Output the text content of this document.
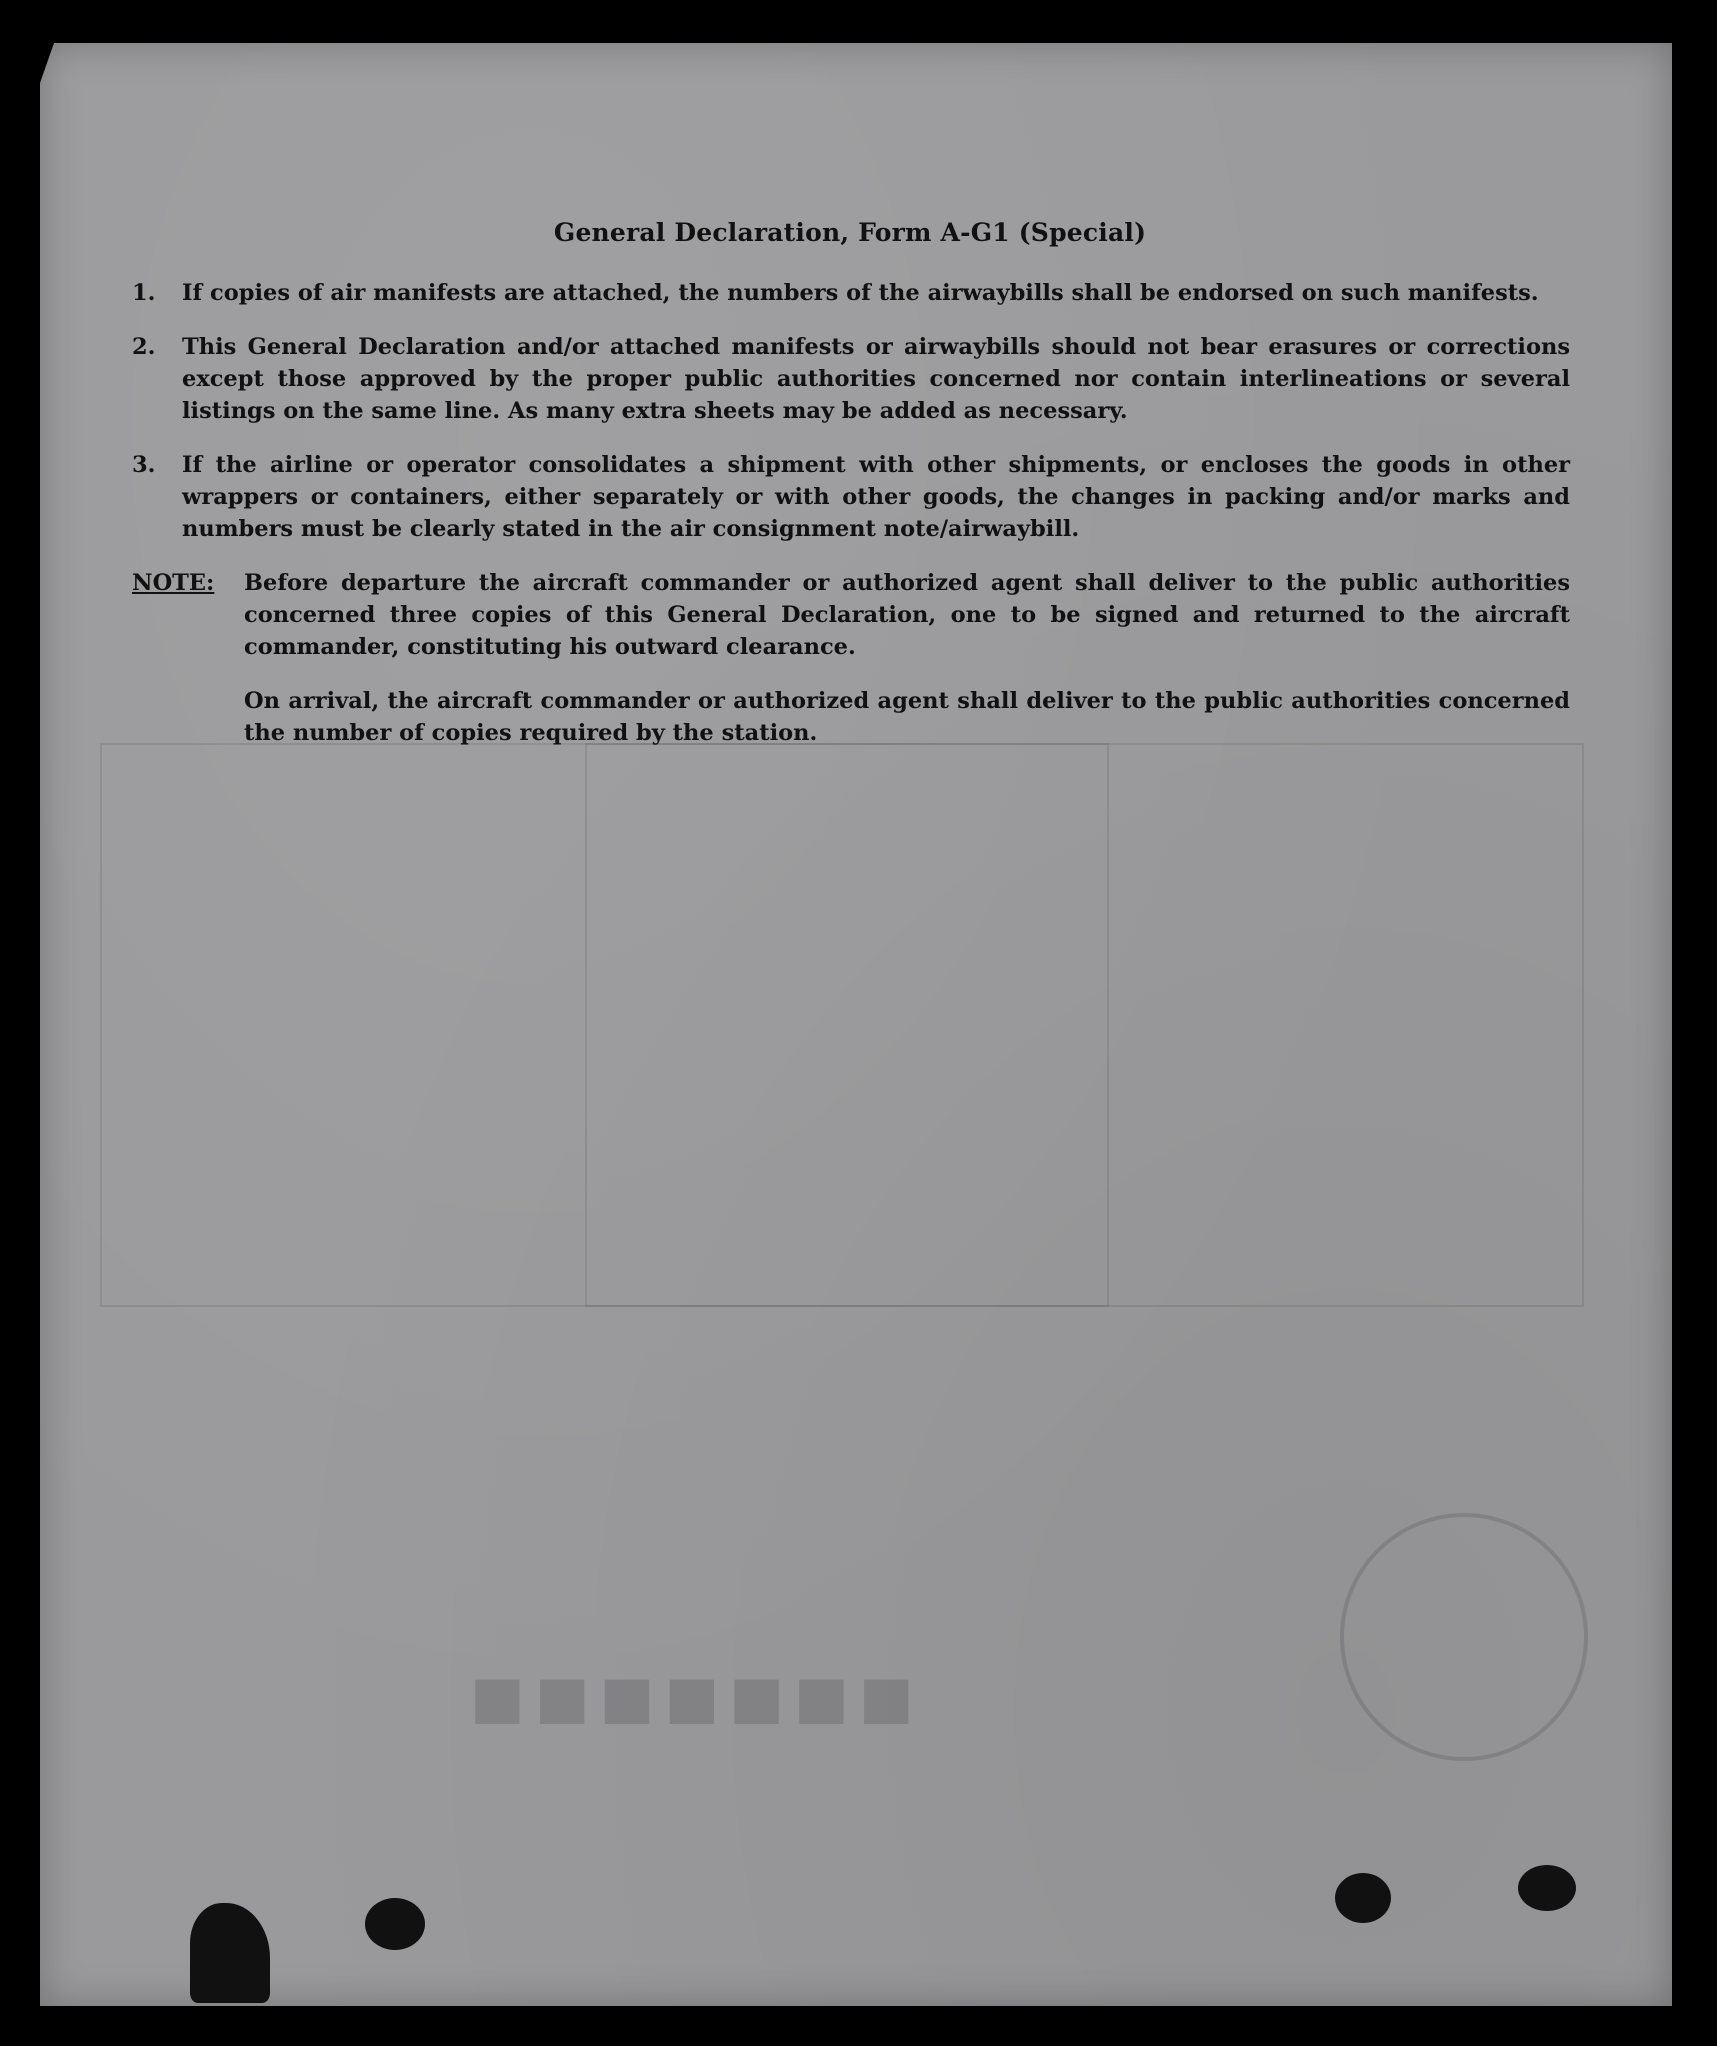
■■■■■■■
General Declaration, Form A-G1 (Special)
1.	If copies of air manifests are attached, the numbers of the airwaybills shall be endorsed on such manifests.
2.	This General Declaration and/or attached manifests or airwaybills should not bear erasures or corrections except those approved by the proper public authorities concerned nor contain interlineations or several listings on the same line. As many extra sheets may be added as necessary.
3.	If the airline or operator consolidates a shipment with other shipments, or encloses the goods in other wrappers or containers, either separately or with other goods, the changes in packing and/or marks and numbers must be clearly stated in the air consignment note/airwaybill.
NOTE:	Before departure the aircraft commander or authorized agent shall deliver to the public authorities concerned three copies of this General Declaration, one to be signed and returned to the aircraft commander, constituting his outward clearance.

On arrival, the aircraft commander or authorized agent shall deliver to the public authorities concerned the number of copies required by the station.
